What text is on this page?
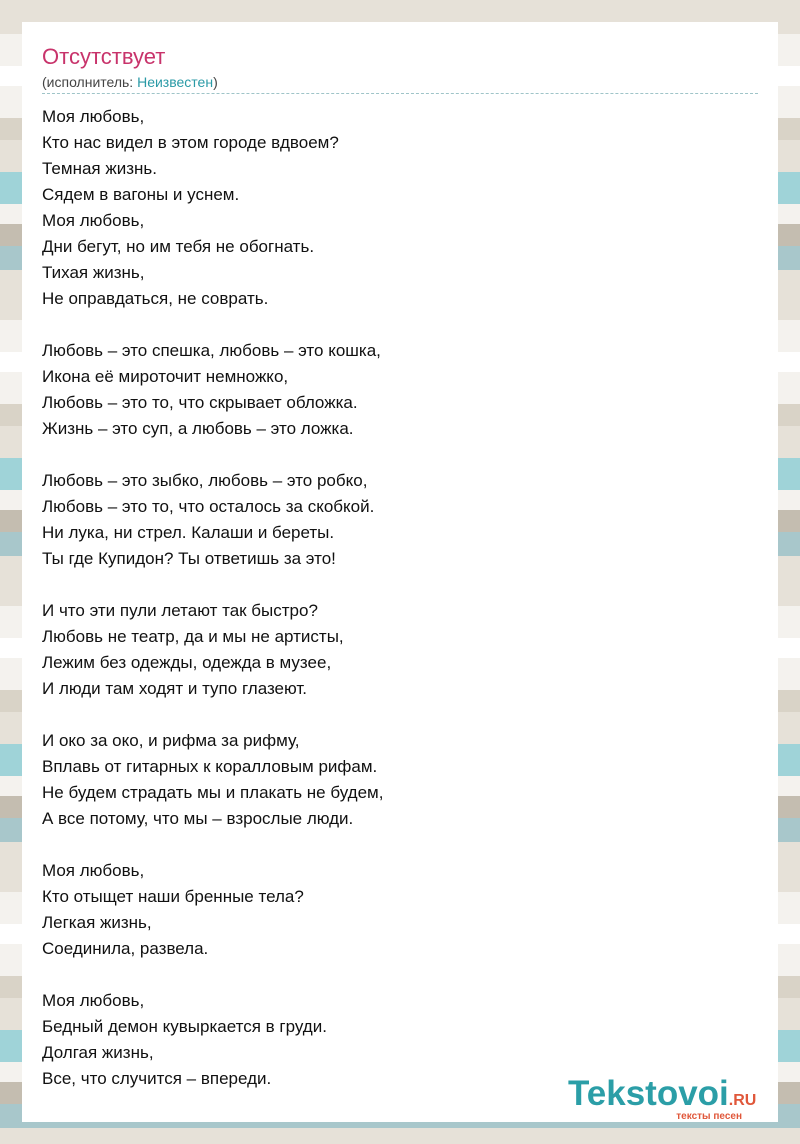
Отсутствует
(исполнитель: Неизвестен)
Моя любовь,
Кто нас видел в этом городе вдвоем?
Темная жизнь.
Сядем в вагоны и уснем.
Моя любовь,
Дни бегут, но им тебя не обогнать.
Тихая жизнь,
Не оправдаться, не соврать.
Любовь – это спешка, любовь – это кошка,
Икона её мироточит немножко,
Любовь – это то, что скрывает обложка.
Жизнь – это суп, а любовь – это ложка.
Любовь – это зыбко, любовь – это робко,
Любовь – это то, что осталось за скобкой.
Ни лука, ни стрел. Калаши и береты.
Ты где Купидон? Ты ответишь за это!
И что эти пули летают так быстро?
Любовь не театр, да и мы не артисты,
Лежим без одежды, одежда в музее,
И люди там ходят и тупо глазеют.
И око за око, и рифма за рифму,
Вплавь от гитарных к коралловым рифам.
Не будем страдать мы и плакать не будем,
А все потому, что мы – взрослые люди.
Моя любовь,
Кто отыщет наши бренные тела?
Легкая жизнь,
Соединила, развела.
Моя любовь,
Бедный демон кувыркается в груди.
Долгая жизнь,
Все, что случится – впереди.	Tekstovoi.RU
тексты песен
